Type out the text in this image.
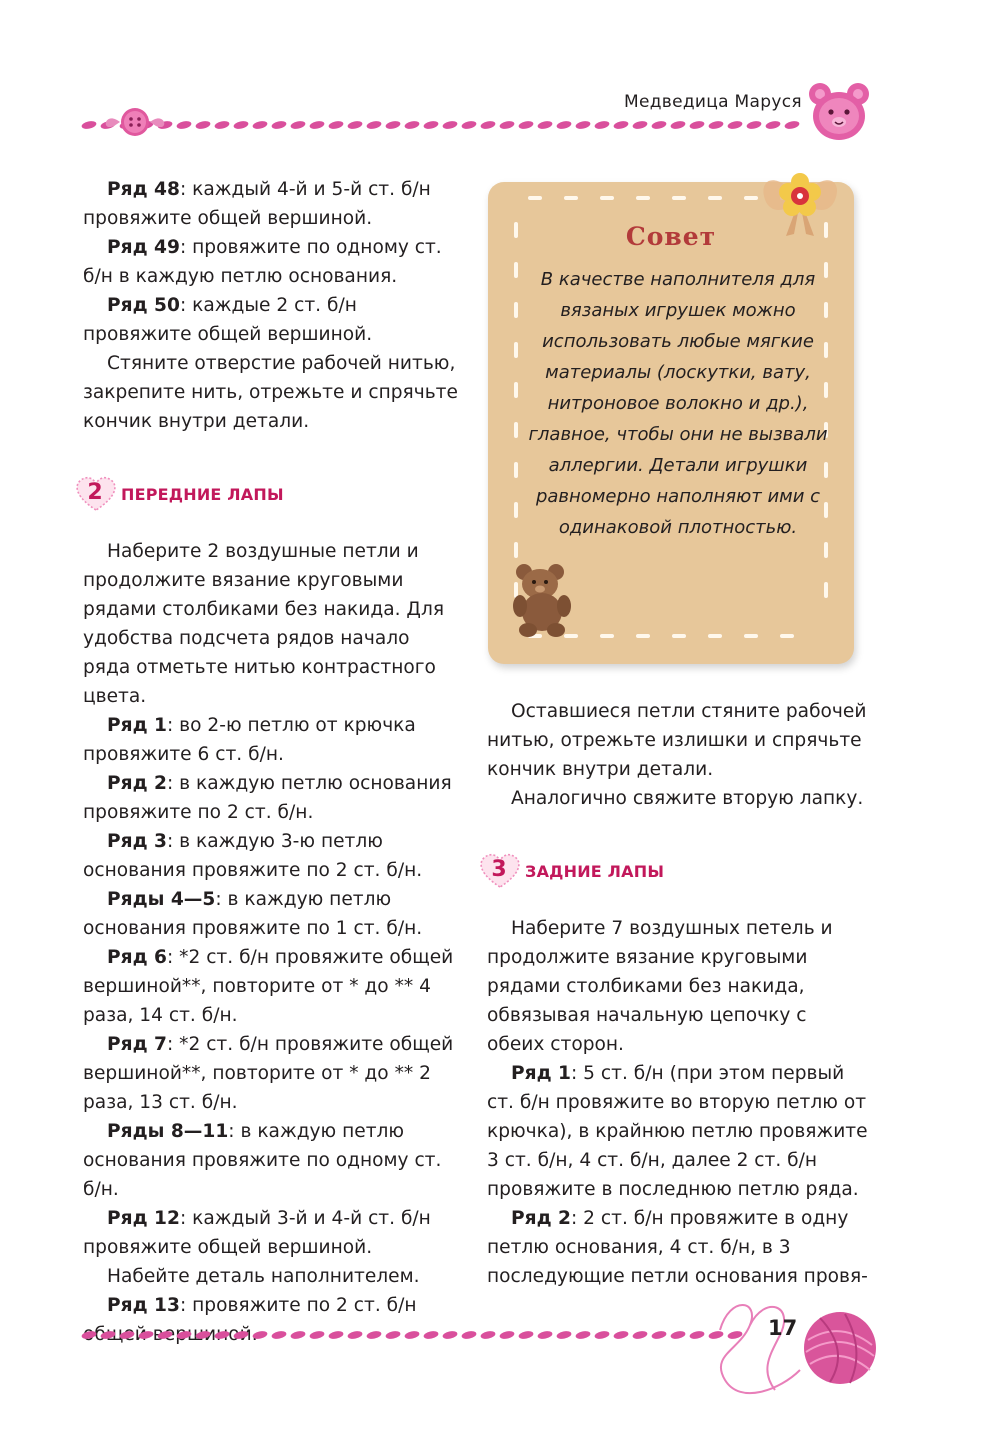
Медведица Маруся

Ряд 48: каждый 4-й и 5-й ст. б/н провяжите общей вершиной.

Ряд 49: провяжите по одному ст. б/н в каждую петлю основания.

Ряд 50: каждые 2 ст. б/н провяжите общей вершиной.

Стяните отверстие рабочей нитью, закрепите нить, отрежьте и спрячьте кончик внутри детали.

2	ПЕРЕДНИЕ ЛАПЫ

Наберите 2 воздушные петли и продолжите вязание круговыми рядами столбиками без накида. Для удобства подсчета рядов начало ряда отметьте нитью контрастного цвета.

Ряд 1: во 2-ю петлю от крючка провяжите 6 ст. б/н.

Ряд 2: в каждую петлю основания провяжите по 2 ст. б/н.

Ряд 3: в каждую 3-ю петлю основания провяжите по 2 ст. б/н.

Ряды 4—5: в каждую петлю основания провяжите по 1 ст. б/н.

Ряд 6: *2 ст. б/н провяжите общей вершиной**, повторите от * до ** 4 раза, 14 ст. б/н.

Ряд 7: *2 ст. б/н провяжите общей вершиной**, повторите от * до ** 2 раза, 13 ст. б/н.

Ряды 8—11: в каждую петлю основания провяжите по одному ст. б/н.

Ряд 12: каждый 3-й и 4-й ст. б/н провяжите общей вершиной.

Набейте деталь наполнителем.

Ряд 13: провяжите по 2 ст. б/н

Совет
В качестве наполнителя для вязаных игрушек можно использовать любые мягкие материалы (лоскутки, вату, нитроновое волокно и др.), главное, чтобы они не вызвали аллергии. Детали игрушки равномерно наполняют ими с одинаковой плотностью.

Оставшиеся петли стяните рабочей нитью, отрежьте излишки и спрячьте кончик внутри детали.

Аналогично свяжите вторую лапку.

3	ЗАДНИЕ ЛАПЫ

Наберите 7 воздушных петель и продолжите вязание круговыми рядами столбиками без накида, обвязывая начальную цепочку с обеих сторон.

Ряд 1: 5 ст. б/н (при этом первый ст. б/н провяжите во вторую петлю от крючка), в крайнюю петлю провяжите 3 ст. б/н, 4 ст. б/н, далее 2 ст. б/н провяжите в последнюю петлю ряда.

Ряд 2: 2 ст. б/н провяжите в одну петлю основания, 4 ст. б/н, в 3 последующие петли основания провя-

17
